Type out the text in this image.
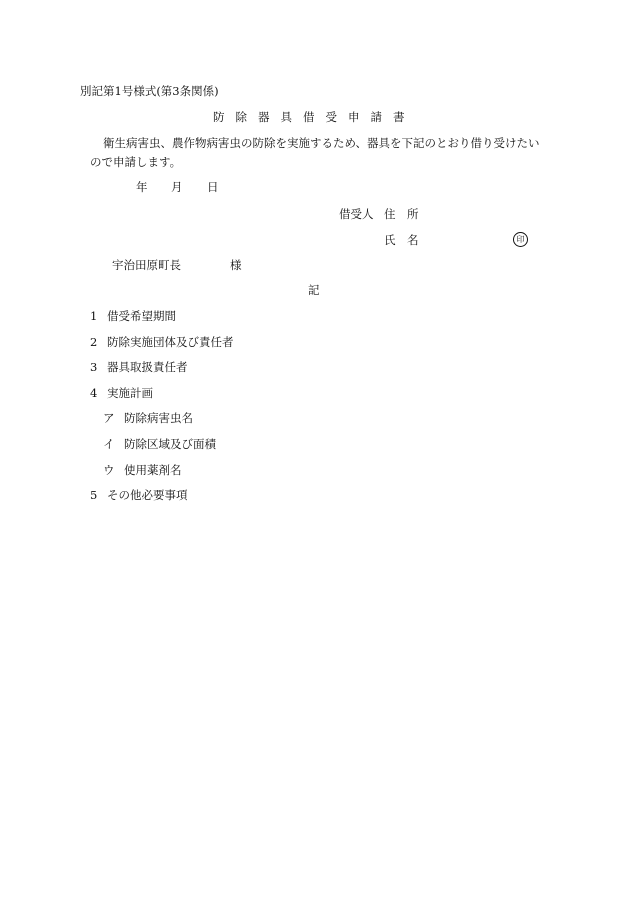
別記第1号様式(第3条関係)
防除器具借受申請書
衛生病害虫、農作物病害虫の防除を実施するため、器具を下記のとおり借り受けたい
ので申請します。
年 月 日
借受人 住　所
氏　名	印
宇治田原町長	様
記
1 借受希望期間
2 防除実施団体及び責任者
3 器具取扱責任者
4 実施計画
ア 防除病害虫名
イ 防除区域及び面積
ウ 使用薬剤名
5 その他必要事項
